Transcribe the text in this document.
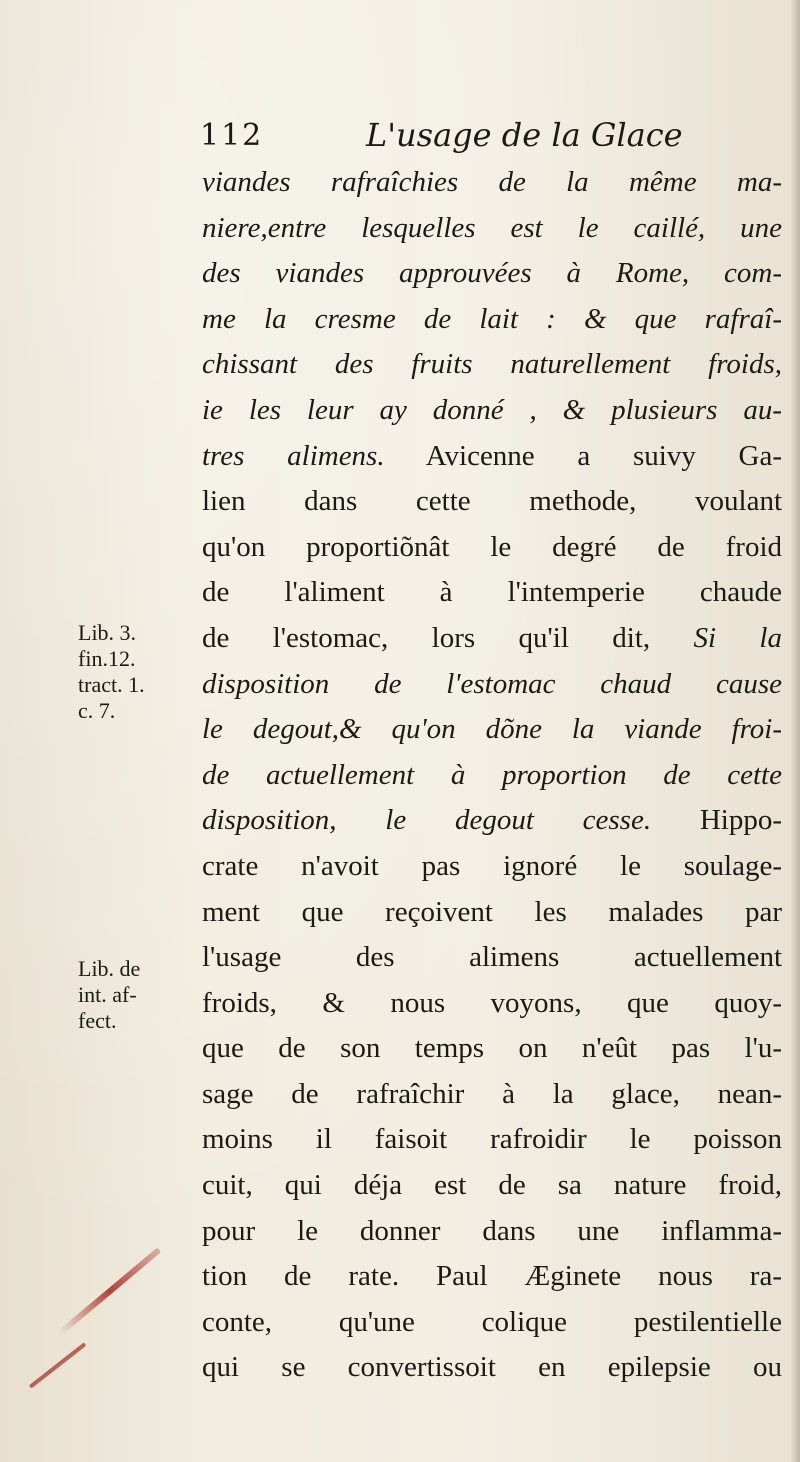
112	L'usage de la Glace
viandes rafraîchies de la même ma-
niere,entre lesquelles est le caillé, une
des viandes approuvées à Rome, com-
me la cresme de lait : & que rafraî-
chissant des fruits naturellement froids,
ie les leur ay donné , & plusieurs au-
tres alimens. Avicenne a suivy Ga-
lien dans cette methode, voulant
qu'on proportiõnât le degré de froid
de l'aliment à l'intemperie chaude
de l'estomac, lors qu'il dit, Si la
disposition de l'estomac chaud cause
le degout,& qu'on dõne la viande froi-
de actuellement à proportion de cette
disposition, le degout cesse. Hippo-
crate n'avoit pas ignoré le soulage-
ment que reçoivent les malades par
l'usage des alimens actuellement
froids, & nous voyons, que quoy-
que de son temps on n'eût pas l'u-
sage de rafraîchir à la glace, nean-
moins il faisoit rafroidir le poisson
cuit, qui déja est de sa nature froid,
pour le donner dans une inflamma-
tion de rate. Paul Æginete nous ra-
conte, qu'une colique pestilentielle
qui se convertissoit en epilepsie ou
Lib. 3.
fin.12.
tract. 1.
c. 7.
Lib. de
int. af-
fect.
